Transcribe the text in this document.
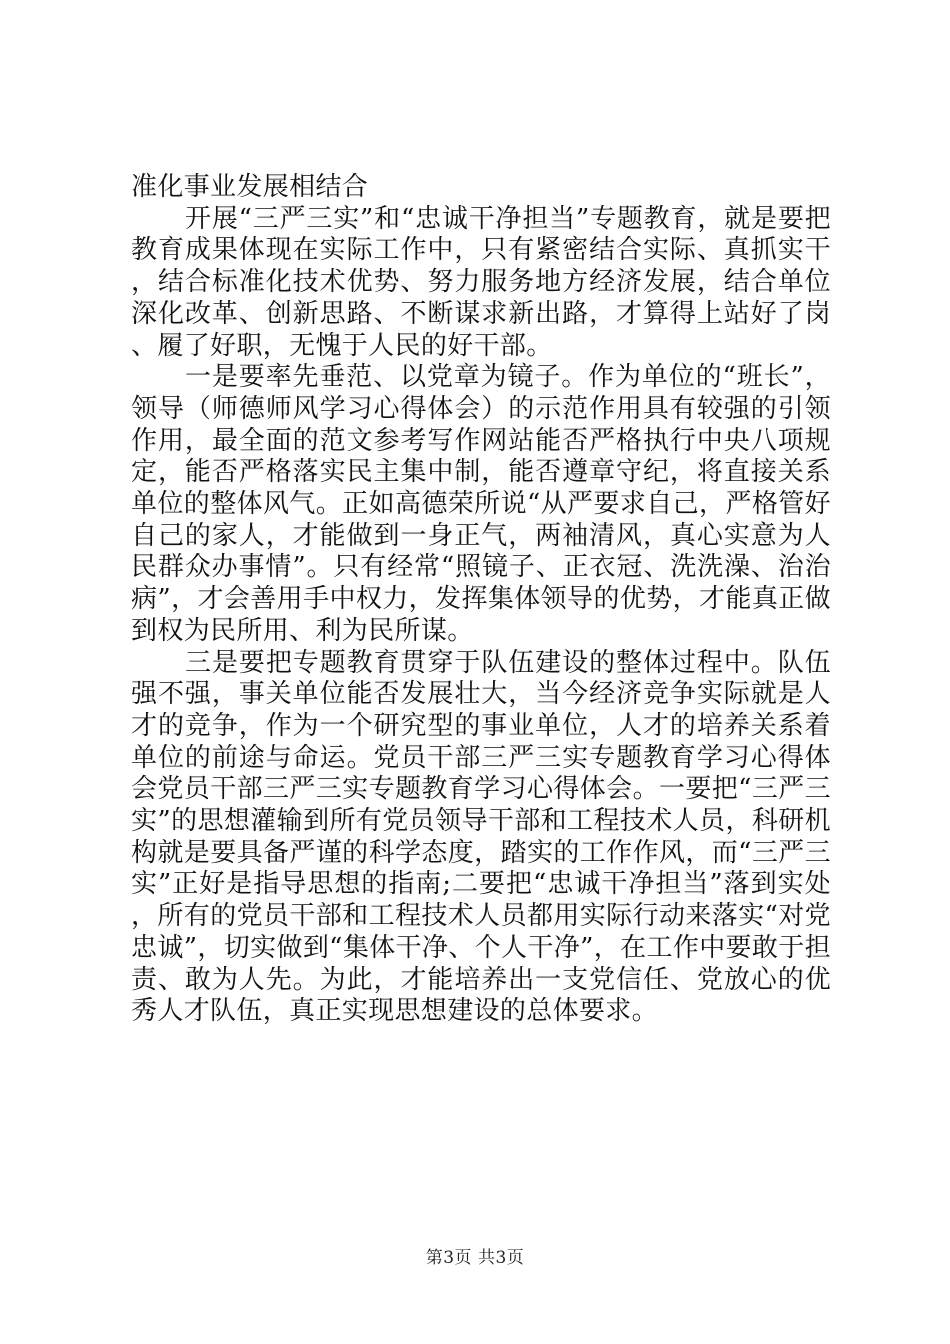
准化事业发展相结合

开展“三严三实”和“忠诚干净担当”专题教育，就是要把教育成果体现在实际工作中，只有紧密结合实际、真抓实干，结合标准化技术优势、努力服务地方经济发展，结合单位深化改革、创新思路、不断谋求新出路，才算得上站好了岗、履了好职，无愧于人民的好干部。

一是要率先垂范、以党章为镜子。作为单位的“班长”，领导（师德师风学习心得体会）的示范作用具有较强的引领作用，最全面的范文参考写作网站能否严格执行中央八项规定，能否严格落实民主集中制，能否遵章守纪，将直接关系单位的整体风气。正如高德荣所说“从严要求自己，严格管好自己的家人，才能做到一身正气，两袖清风，真心实意为人民群众办事情”。只有经常“照镜子、正衣冠、洗洗澡、治治病”，才会善用手中权力，发挥集体领导的优势，才能真正做到权为民所用、利为民所谋。

三是要把专题教育贯穿于队伍建设的整体过程中。队伍强不强，事关单位能否发展壮大，当今经济竞争实际就是人才的竞争，作为一个研究型的事业单位，人才的培养关系着单位的前途与命运。党员干部三严三实专题教育学习心得体会党员干部三严三实专题教育学习心得体会。一要把“三严三实”的思想灌输到所有党员领导干部和工程技术人员，科研机构就是要具备严谨的科学态度，踏实的工作作风，而“三严三实”正好是指导思想的指南;二要把“忠诚干净担当”落到实处，所有的党员干部和工程技术人员都用实际行动来落实“对党忠诚”，切实做到“集体干净、个人干净”，在工作中要敢于担责、敢为人先。为此，才能培养出一支党信任、党放心的优秀人才队伍，真正实现思想建设的总体要求。

第3页 共3页
